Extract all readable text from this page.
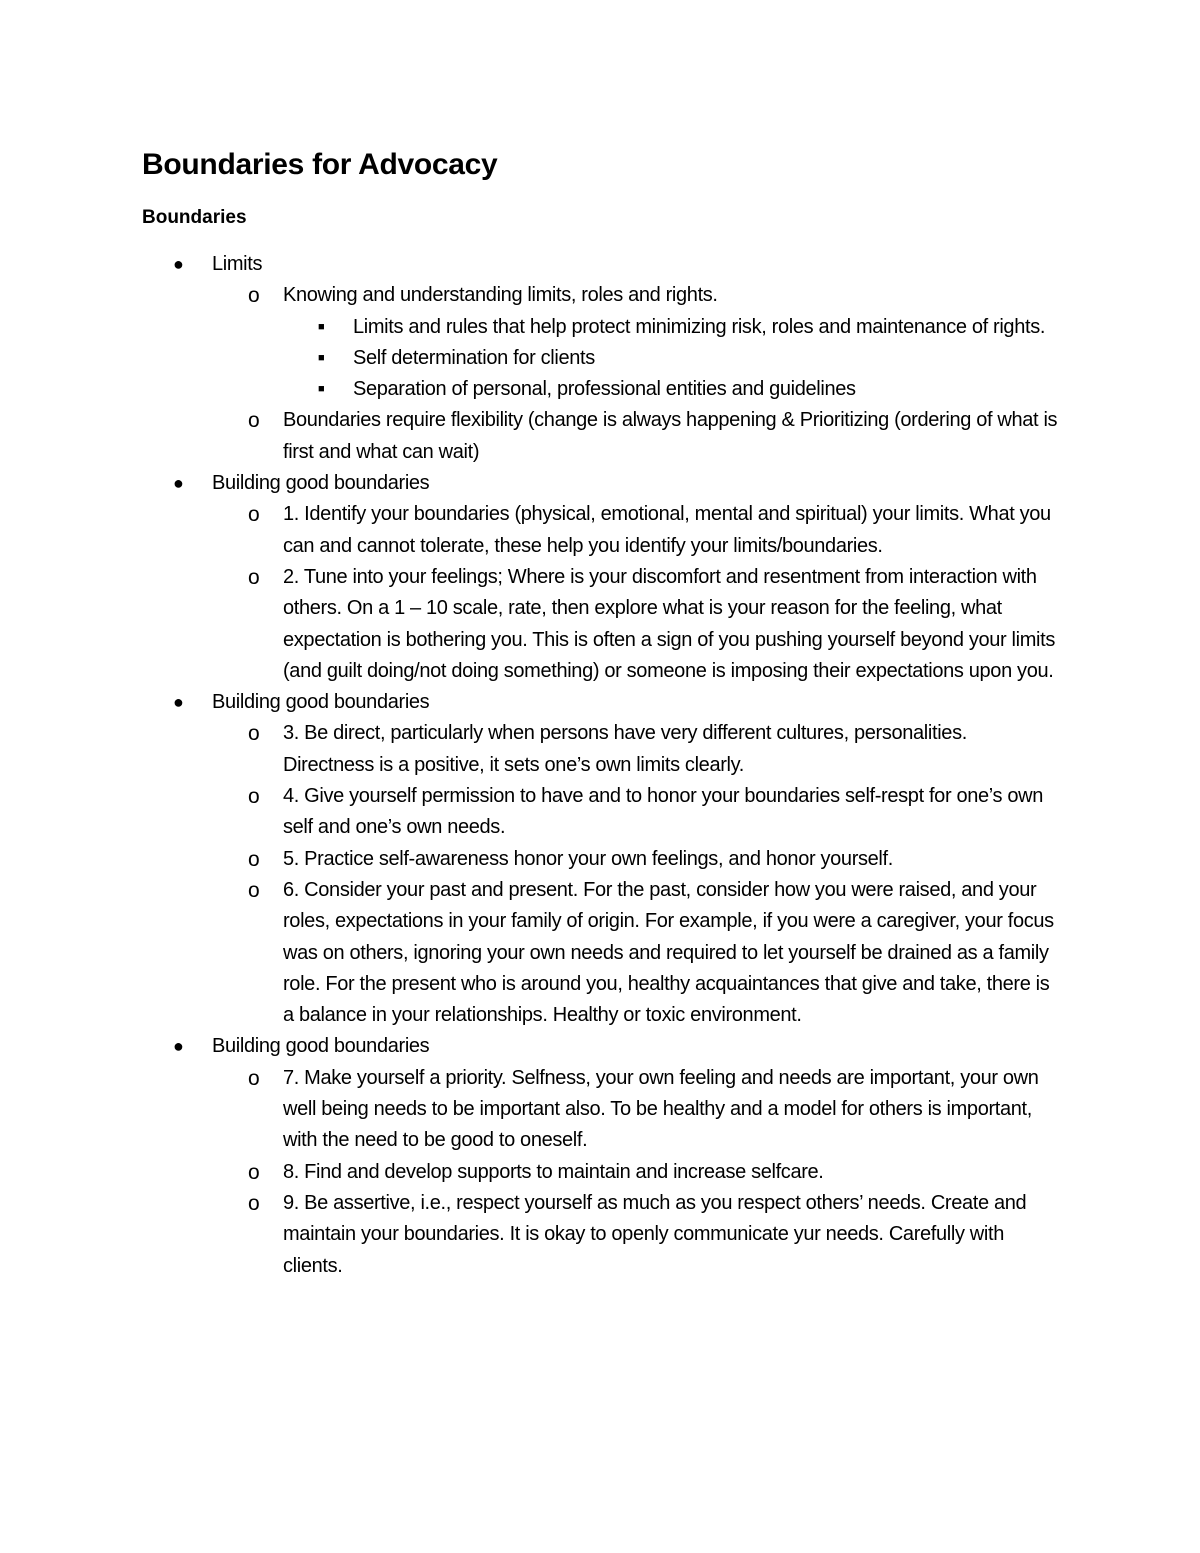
Boundaries for Advocacy
Boundaries
● Limits
o Knowing and understanding limits, roles and rights.
■ Limits and rules that help protect minimizing risk, roles and maintenance of rights.
■ Self determination for clients
■ Separation of personal, professional entities and guidelines
o Boundaries require flexibility (change is always happening & Prioritizing (ordering of what is first and what can wait)
● Building good boundaries
o 1. Identify your boundaries (physical, emotional, mental and spiritual) your limits. What you can and cannot tolerate, these help you identify your limits/boundaries.
o 2. Tune into your feelings; Where is your discomfort and resentment from interaction with others. On a 1 – 10 scale, rate, then explore what is your reason for the feeling, what expectation is bothering you. This is often a sign of you pushing yourself beyond your limits (and guilt doing/not doing something) or someone is imposing their expectations upon you.
● Building good boundaries
o 3. Be direct, particularly when persons have very different cultures, personalities. Directness is a positive, it sets one’s own limits clearly.
o 4. Give yourself permission to have and to honor your boundaries self-respt for one’s own self and one’s own needs.
o 5. Practice self-awareness honor your own feelings, and honor yourself.
o 6. Consider your past and present. For the past, consider how you were raised, and your roles, expectations in your family of origin. For example, if you were a caregiver, your focus was on others, ignoring your own needs and required to let yourself be drained as a family role. For the present who is around you, healthy acquaintances that give and take, there is a balance in your relationships. Healthy or toxic environment.
● Building good boundaries
o 7. Make yourself a priority. Selfness, your own feeling and needs are important, your own well being needs to be important also. To be healthy and a model for others is important, with the need to be good to oneself.
o 8. Find and develop supports to maintain and increase selfcare.
o 9. Be assertive, i.e., respect yourself as much as you respect others’ needs. Create and maintain your boundaries. It is okay to openly communicate yur needs. Carefully with clients.
